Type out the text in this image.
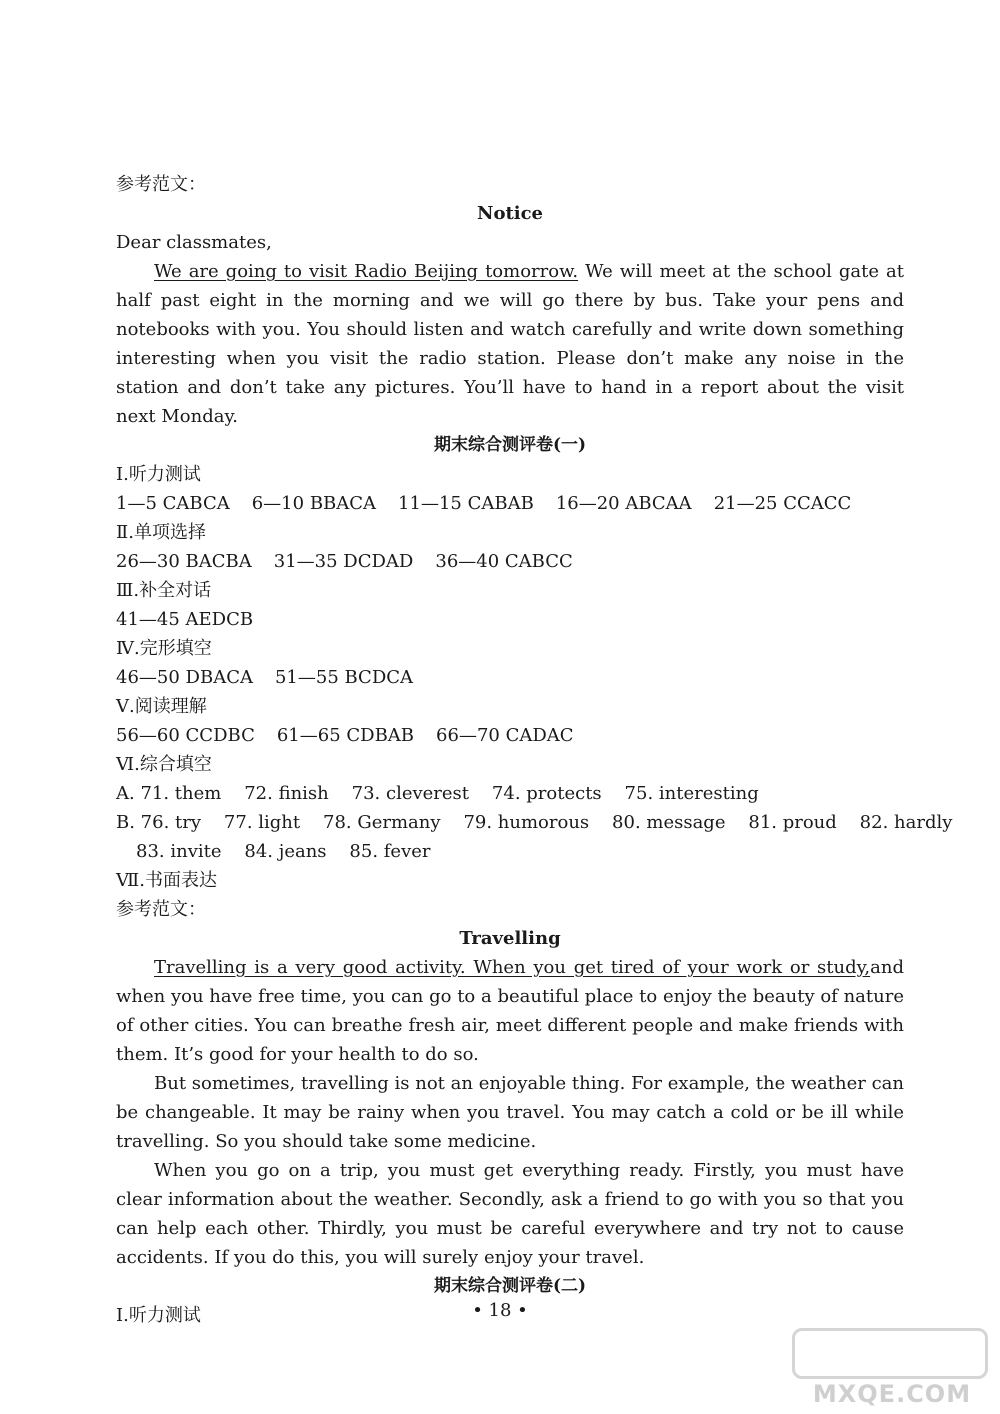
参考范文：
Notice
Dear classmates,
We are going to visit Radio Beijing tomorrow. We will meet at the school gate at half past eight in the morning and we will go there by bus. Take your pens and notebooks with you. You should listen and watch carefully and write down something interesting when you visit the radio station. Please don’t make any noise in the station and don’t take any pictures. You’ll have to hand in a report about the visit next Monday.
期末综合测评卷(一)
Ⅰ.听力测试
1—5 CABCA 6—10 BBACA 11—15 CABAB 16—20 ABCAA 21—25 CCACC
Ⅱ.单项选择
26—30 BACBA 31—35 DCDAD 36—40 CABCC
Ⅲ.补全对话
41—45 AEDCB
Ⅳ.完形填空
46—50 DBACA 51—55 BCDCA
Ⅴ.阅读理解
56—60 CCDBC 61—65 CDBAB 66—70 CADAC
Ⅵ.综合填空
A. 71. them    72. finish    73. cleverest    74. protects    75. interesting
B. 76. try    77. light    78. Germany    79. humorous    80. message    81. proud    82. hardly
83. invite    84. jeans    85. fever
Ⅶ.书面表达
参考范文：
Travelling
Travelling is a very good activity. When you get tired of your work or study,and when you have free time, you can go to a beautiful place to enjoy the beauty of nature of other cities. You can breathe fresh air, meet different people and make friends with them. It’s good for your health to do so.
But sometimes, travelling is not an enjoyable thing. For example, the weather can be changeable. It may be rainy when you travel. You may catch a cold or be ill while travelling. So you should take some medicine.
When you go on a trip, you must get everything ready. Firstly, you must have clear information about the weather. Secondly, ask a friend to go with you so that you can help each other. Thirdly, you must be careful everywhere and try not to cause accidents. If you do this, you will surely enjoy your travel.
期末综合测评卷(二)
Ⅰ.听力测试	• 18 •
MXQE.COM
